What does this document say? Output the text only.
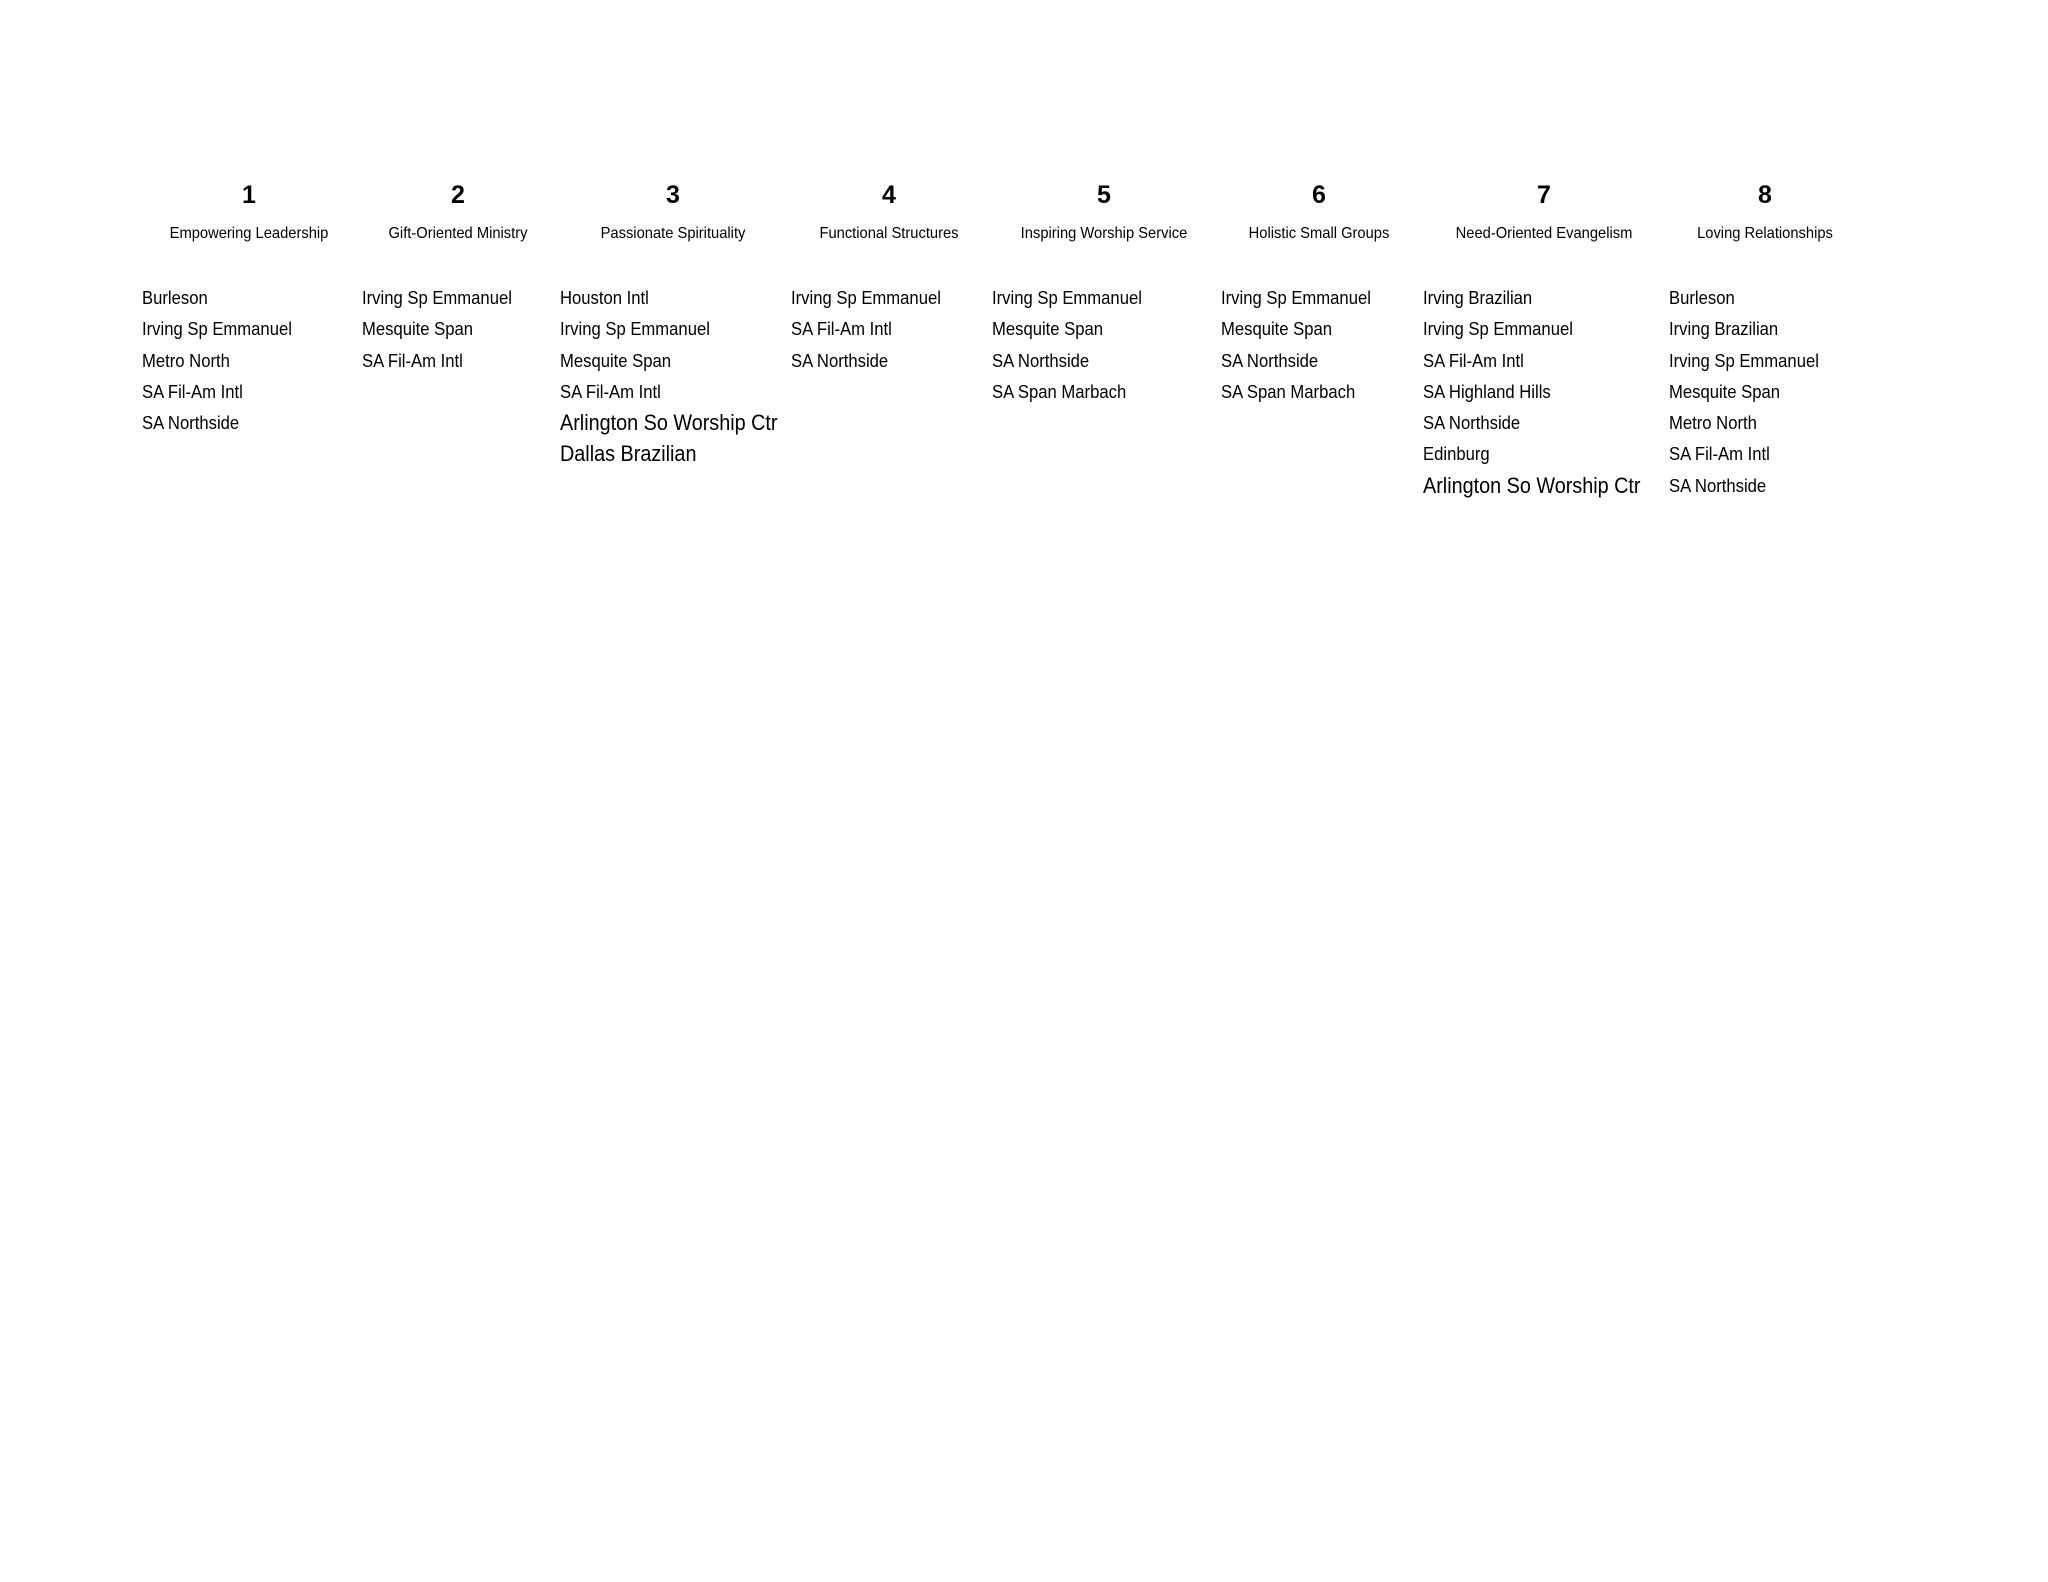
1
Empowering Leadership
Burleson
Irving Sp Emmanuel
Metro North
SA Fil-Am Intl
SA Northside
2
Gift-Oriented Ministry
Irving Sp Emmanuel
Mesquite Span
SA Fil-Am Intl
3
Passionate Spirituality
Houston Intl
Irving Sp Emmanuel
Mesquite Span
SA Fil-Am Intl
Arlington So Worship Ctr
Dallas Brazilian
4
Functional Structures
Irving Sp Emmanuel
SA Fil-Am Intl
SA Northside
5
Inspiring Worship Service
Irving Sp Emmanuel
Mesquite Span
SA Northside
SA Span Marbach
6
Holistic Small Groups
Irving Sp Emmanuel
Mesquite Span
SA Northside
SA Span Marbach
7
Need-Oriented Evangelism
Irving Brazilian
Irving Sp Emmanuel
SA Fil-Am Intl
SA Highland Hills
SA Northside
Edinburg
Arlington So Worship Ctr
8
Loving Relationships
Burleson
Irving Brazilian
Irving Sp Emmanuel
Mesquite Span
Metro North
SA Fil-Am Intl
SA Northside
